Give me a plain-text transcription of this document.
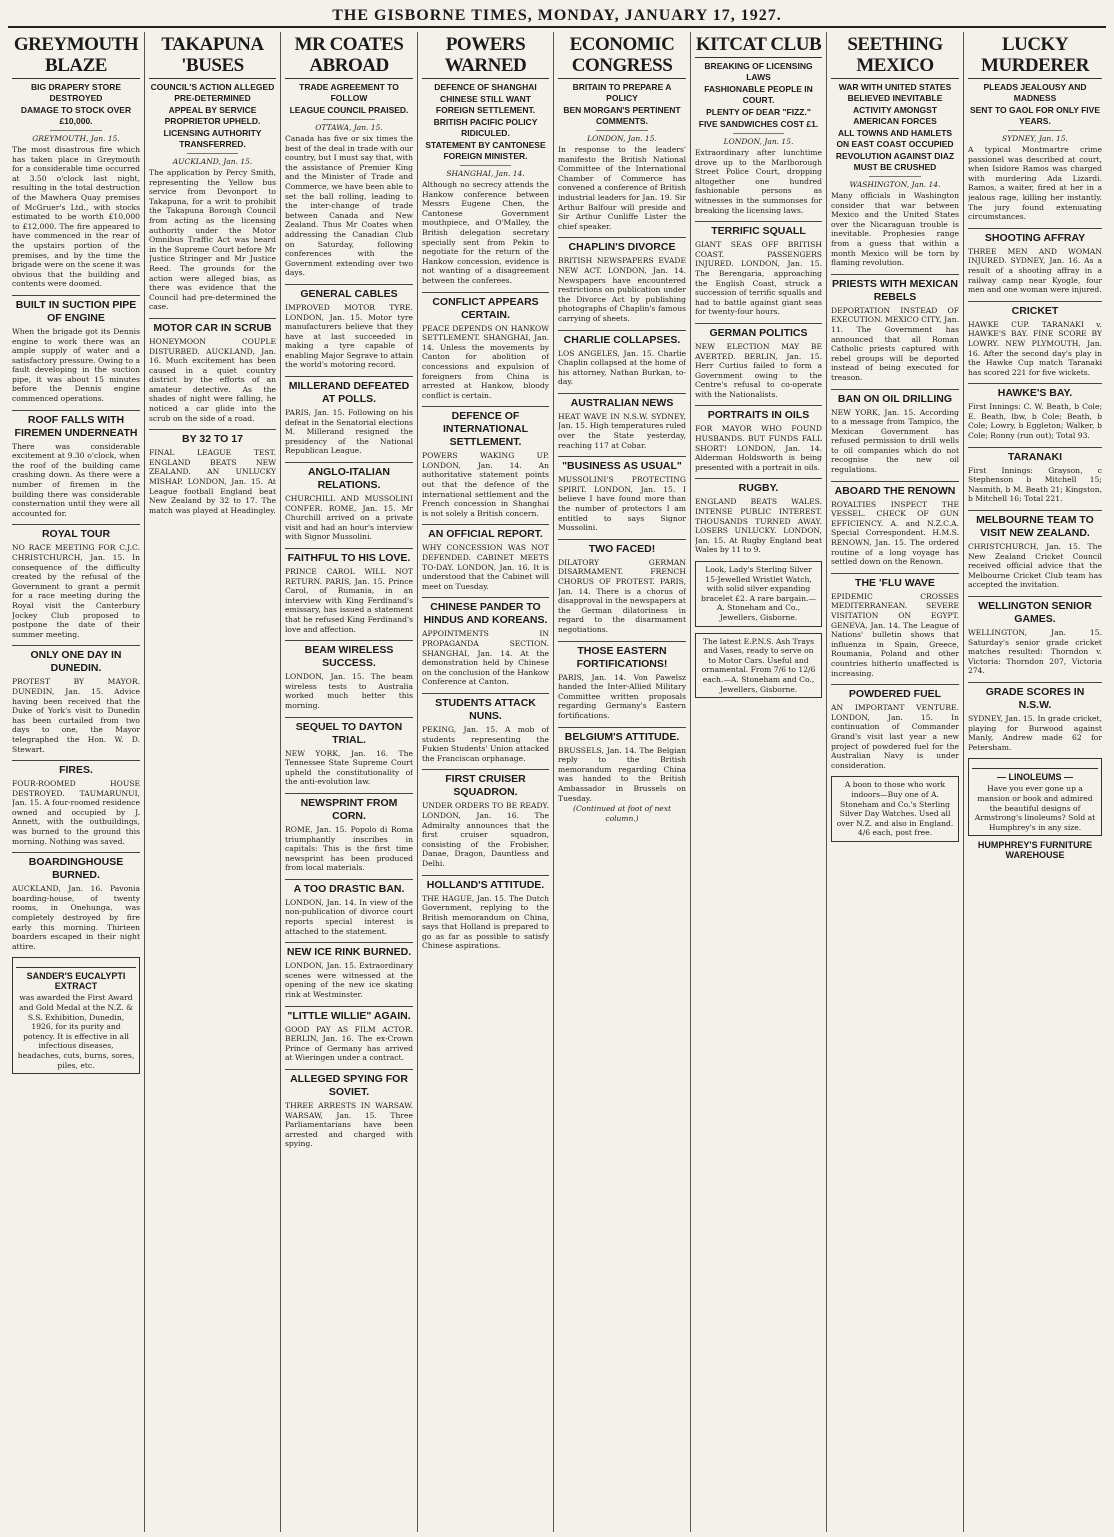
THE GISBORNE TIMES, MONDAY, JANUARY 17, 1927.
GREYMOUTH BLAZE
BIG DRAPERY STORE DESTROYED
DAMAGE TO STOCK OVER £10,000.
GREYMOUTH, Jan. 15.
The most disastrous fire which has taken place in Greymouth for a considerable time occurred at 3.50 o'clock last night, resulting in the total destruction of the Mawhera Quay premises of McGruer's Ltd., with stocks estimated to be worth £10,000 to £12,000. The fire appeared to have commenced in the rear of the upstairs portion of the premises, and by the time the brigade were on the scene it was obvious that the building and contents were doomed.
BUILT IN SUCTION PIPE OF ENGINE
When the brigade got its Dennis engine to work there was an ample supply of water and a satisfactory pressure. Owing to a fault developing in the suction pipe, it was about 15 minutes before the Dennis engine commenced operations.
ROOF FALLS WITH FIREMEN UNDERNEATH
There was considerable excitement at 9.30 o'clock, when the roof of the building came crashing down. As there were a number of firemen in the building there was considerable consternation until they were all accounted for.
ROYAL TOUR
NO RACE MEETING FOR C.J.C. CHRISTCHURCH, Jan. 15. In consequence of the difficulty created by the refusal of the Government to grant a permit for a race meeting during the Royal visit the Canterbury Jockey Club proposed to postpone the date of their summer meeting.
ONLY ONE DAY IN DUNEDIN.
PROTEST BY MAYOR. DUNEDIN, Jan. 15. Advice having been received that the Duke of York's visit to Dunedin has been curtailed from two days to one, the Mayor telegraphed the Hon. W. D. Stewart.
FIRES.
FOUR-ROOMED HOUSE DESTROYED. TAUMARUNUI, Jan. 15. A four-roomed residence owned and occupied by J. Annett, with the outbuildings, was burned to the ground this morning. Nothing was saved.
BOARDINGHOUSE BURNED.
AUCKLAND, Jan. 16. Pavonia boarding-house, of twenty rooms, in Onehunga, was completely destroyed by fire early this morning. Thirteen boarders escaped in their night attire.
SANDER'S EUCALYPTI EXTRACT
was awarded the First Award and Gold Medal at the N.Z. & S.S. Exhibition, Dunedin, 1926, for its purity and potency. It is effective in all infectious diseases, headaches, cuts, burns, sores, piles, etc.
TAKAPUNA 'BUSES
COUNCIL'S ACTION ALLEGED PRE-DETERMINED
APPEAL BY SERVICE PROPRIETOR UPHELD.
LICENSING AUTHORITY TRANSFERRED.
AUCKLAND, Jan. 15.
The application by Percy Smith, representing the Yellow bus service from Devonport to Takapuna, for a writ to prohibit the Takapuna Borough Council from acting as the licensing authority under the Motor Omnibus Traffic Act was heard in the Supreme Court before Mr Justice Stringer and Mr Justice Reed. The grounds for the action were alleged bias, as there was evidence that the Council had pre-determined the case.
MOTOR CAR IN SCRUB
HONEYMOON COUPLE DISTURBED. AUCKLAND, Jan. 16. Much excitement has been caused in a quiet country district by the efforts of an amateur detective. As the shades of night were falling, he noticed a car glide into the scrub on the side of a road.
BY 32 TO 17
FINAL LEAGUE TEST. ENGLAND BEATS NEW ZEALAND. AN UNLUCKY MISHAP. LONDON, Jan. 15. At League football England beat New Zealand by 32 to 17. The match was played at Headingley.
MR COATES ABROAD
TRADE AGREEMENT TO FOLLOW
LEAGUE COUNCIL PRAISED.
OTTAWA, Jan. 15.
Canada has five or six times the best of the deal in trade with our country, but I must say that, with the assistance of Premier King and the Minister of Trade and Commerce, we have been able to set the ball rolling, leading to the inter-change of trade between Canada and New Zealand. Thus Mr Coates when addressing the Canadian Club on Saturday, following conferences with the Government extending over two days.
GENERAL CABLES
IMPROVED MOTOR TYRE. LONDON, Jan. 15. Motor tyre manufacturers believe that they have at last succeeded in making a tyre capable of enabling Major Segrave to attain the world's motoring record.
MILLERAND DEFEATED AT POLLS.
PARIS, Jan. 15. Following on his defeat in the Senatorial elections M. Millerand resigned the presidency of the National Republican League.
ANGLO-ITALIAN RELATIONS.
CHURCHILL AND MUSSOLINI CONFER. ROME, Jan. 15. Mr Churchill arrived on a private visit and had an hour's interview with Signor Mussolini.
FAITHFUL TO HIS LOVE.
PRINCE CAROL WILL NOT RETURN. PARIS, Jan. 15. Prince Carol, of Rumania, in an interview with King Ferdinand's emissary, has issued a statement that he refused King Ferdinand's love and affection.
BEAM WIRELESS SUCCESS.
LONDON, Jan. 15. The beam wireless tests to Australia worked much better this morning.
SEQUEL TO DAYTON TRIAL.
NEW YORK, Jan. 16. The Tennessee State Supreme Court upheld the constitutionality of the anti-evolution law.
NEWSPRINT FROM CORN.
ROME, Jan. 15. Popolo di Roma triumphantly inscribes in capitals: This is the first time newsprint has been produced from local materials.
A TOO DRASTIC BAN.
LONDON, Jan. 14. In view of the non-publication of divorce court reports special interest is attached to the statement.
NEW ICE RINK BURNED.
LONDON, Jan. 15. Extraordinary scenes were witnessed at the opening of the new ice skating rink at Westminster.
"LITTLE WILLIE" AGAIN.
GOOD PAY AS FILM ACTOR. BERLIN, Jan. 16. The ex-Crown Prince of Germany has arrived at Wieringen under a contract.
ALLEGED SPYING FOR SOVIET.
THREE ARRESTS IN WARSAW. WARSAW, Jan. 15. Three Parliamentarians have been arrested and charged with spying.
POWERS WARNED
DEFENCE OF SHANGHAI
CHINESE STILL WANT FOREIGN SETTLEMENT.
BRITISH PACIFIC POLICY RIDICULED.
STATEMENT BY CANTONESE FOREIGN MINISTER.
SHANGHAI, Jan. 14.
Although no secrecy attends the Hankow conference between Messrs Eugene Chen, the Cantonese Government mouthpiece, and O'Malley, the British delegation secretary specially sent from Pekin to negotiate for the return of the Hankow concession, evidence is not wanting of a disagreement between the conferees.
CONFLICT APPEARS CERTAIN.
PEACE DEPENDS ON HANKOW SETTLEMENT. SHANGHAI, Jan. 14. Unless the movements by Canton for abolition of concessions and expulsion of foreigners from China is arrested at Hankow, bloody conflict is certain.
DEFENCE OF INTERNATIONAL SETTLEMENT.
POWERS WAKING UP. LONDON, Jan. 14. An authoritative statement points out that the defence of the international settlement and the French concession in Shanghai is not solely a British concern.
AN OFFICIAL REPORT.
WHY CONCESSION WAS NOT DEFENDED. CABINET MEETS TO-DAY. LONDON, Jan. 16. It is understood that the Cabinet will meet on Tuesday.
CHINESE PANDER TO HINDUS AND KOREANS.
APPOINTMENTS IN PROPAGANDA SECTION. SHANGHAI, Jan. 14. At the demonstration held by Chinese on the conclusion of the Hankow Conference at Canton.
STUDENTS ATTACK NUNS.
PEKING, Jan. 15. A mob of students representing the Fukien Students' Union attacked the Franciscan orphanage.
FIRST CRUISER SQUADRON.
UNDER ORDERS TO BE READY. LONDON, Jan. 16. The Admiralty announces that the first cruiser squadron, consisting of the Frobisher, Danae, Dragon, Dauntless and Delhi.
HOLLAND'S ATTITUDE.
THE HAGUE, Jan. 15. The Dutch Government, replying to the British memorandum on China, says that Holland is prepared to go as far as possible to satisfy Chinese aspirations.
ECONOMIC CONGRESS
BRITAIN TO PREPARE A POLICY
BEN MORGAN'S PERTINENT COMMENTS.
LONDON, Jan. 15.
In response to the leaders' manifesto the British National Committee of the International Chamber of Commerce has convened a conference of British industrial leaders for Jan. 19. Sir Arthur Balfour will preside and Sir Arthur Cunliffe Lister the chief speaker.
CHAPLIN'S DIVORCE
BRITISH NEWSPAPERS EVADE NEW ACT. LONDON, Jan. 14. Newspapers have encountered restrictions on publication under the Divorce Act by publishing photographs of Chaplin's famous carrying of sheets.
CHARLIE COLLAPSES.
LOS ANGELES, Jan. 15. Charlie Chaplin collapsed at the home of his attorney, Nathan Burkan, to-day.
AUSTRALIAN NEWS
HEAT WAVE IN N.S.W. SYDNEY, Jan. 15. High temperatures ruled over the State yesterday, reaching 117 at Cobar.
"BUSINESS AS USUAL"
MUSSOLINI'S PROTECTING SPIRIT. LONDON, Jan. 15. I believe I have found more than the number of protectors I am entitled to says Signor Mussolini.
TWO FACED!
DILATORY GERMAN DISARMAMENT. FRENCH CHORUS OF PROTEST. PARIS, Jan. 14. There is a chorus of disapproval in the newspapers at the German dilatoriness in regard to the disarmament negotiations.
THOSE EASTERN FORTIFICATIONS!
PARIS, Jan. 14. Von Pawelsz handed the Inter-Allied Military Committee written proposals regarding Germany's Eastern fortifications.
BELGIUM'S ATTITUDE.
BRUSSELS, Jan. 14. The Belgian reply to the British memorandum regarding China was handed to the British Ambassador in Brussels on Tuesday.
(Continued at foot of next column.)
KITCAT CLUB
BREAKING OF LICENSING LAWS
FASHIONABLE PEOPLE IN COURT.
PLENTY OF DEAR "FIZZ."
FIVE SANDWICHES COST £1.
LONDON, Jan. 15.
Extraordinary after lunchtime drove up to the Marlborough Street Police Court, dropping altogether one hundred fashionable persons as witnesses in the summonses for breaking the licensing laws.
TERRIFIC SQUALL
GIANT SEAS OFF BRITISH COAST. PASSENGERS INJURED. LONDON, Jan. 15. The Berengaria, approaching the English Coast, struck a succession of terrific squalls and had to battle against giant seas for twenty-four hours.
GERMAN POLITICS
NEW ELECTION MAY BE AVERTED. BERLIN, Jan. 15. Herr Curtius failed to form a Government owing to the Centre's refusal to co-operate with the Nationalists.
PORTRAITS IN OILS
FOR MAYOR WHO FOUND HUSBANDS. BUT FUNDS FALL SHORT! LONDON, Jan. 14. Alderman Holdsworth is being presented with a portrait in oils.
RUGBY.
ENGLAND BEATS WALES. INTENSE PUBLIC INTEREST. THOUSANDS TURNED AWAY. LOSERS UNLUCKY. LONDON, Jan. 15. At Rugby England beat Wales by 11 to 9.
Look, Lady's Sterling Silver 15-Jewelled Wristlet Watch, with solid silver expanding bracelet £2. A rare bargain.—A. Stoneham and Co., Jewellers, Gisborne.
The latest E.P.N.S. Ash Trays and Vases, ready to serve on to Motor Cars. Useful and ornamental. From 7/6 to 12/6 each.—A. Stoneham and Co., Jewellers, Gisborne.
SEETHING MEXICO
WAR WITH UNITED STATES BELIEVED INEVITABLE
ACTIVITY AMONGST AMERICAN FORCES
ALL TOWNS AND HAMLETS ON EAST COAST OCCUPIED
REVOLUTION AGAINST DIAZ MUST BE CRUSHED
WASHINGTON, Jan. 14.
Many officials in Washington consider that war between Mexico and the United States over the Nicaraguan trouble is inevitable. Prophesies range from a guess that within a month Mexico will be torn by flaming revolution.
PRIESTS WITH MEXICAN REBELS
DEPORTATION INSTEAD OF EXECUTION. MEXICO CITY, Jan. 11. The Government has announced that all Roman Catholic priests captured with rebel groups will be deported instead of being executed for treason.
BAN ON OIL DRILLING
NEW YORK, Jan. 15. According to a message from Tampico, the Mexican Government has refused permission to drill wells to oil companies which do not recognise the new oil regulations.
ABOARD THE RENOWN
ROYALTIES INSPECT THE VESSEL. CHECK OF GUN EFFICIENCY. A. and N.Z.C.A. Special Correspondent. H.M.S. RENOWN, Jan. 15. The ordered routine of a long voyage has settled down on the Renown.
THE 'FLU WAVE
EPIDEMIC CROSSES MEDITERRANEAN. SEVERE VISITATION ON EGYPT. GENEVA, Jan. 14. The League of Nations' bulletin shows that influenza in Spain, Greece, Roumania, Poland and other countries hitherto unaffected is increasing.
POWDERED FUEL
AN IMPORTANT VENTURE. LONDON, Jan. 15. In continuation of Commander Grand's visit last year a new project of powdered fuel for the Australian Navy is under consideration.
A boon to those who work indoors—Buy one of A. Stoneham and Co.'s Sterling Silver Day Watches. Used all over N.Z. and also in England. 4/6 each, post free.
LUCKY MURDERER
PLEADS JEALOUSY AND MADNESS
SENT TO GAOL FOR ONLY FIVE YEARS.
SYDNEY, Jan. 15.
A typical Montmartre crime passionel was described at court, when Isidore Ramos was charged with murdering Ada Lizardi. Ramos, a waiter, fired at her in a jealous rage, killing her instantly. The jury found extenuating circumstances.
SHOOTING AFFRAY
THREE MEN AND WOMAN INJURED. SYDNEY, Jan. 16. As a result of a shooting affray in a railway camp near Kyogle, four men and one woman were injured.
CRICKET
HAWKE CUP. TARANAKI v. HAWKE'S BAY. FINE SCORE BY LOWRY. NEW PLYMOUTH, Jan. 16. After the second day's play in the Hawke Cup match Taranaki has scored 221 for five wickets.
HAWKE'S BAY.
First Innings: C. W. Beath, b Cole; E. Beath, lbw, b Cole; Beath, b Cole; Lowry, b Eggleton; Walker, b Cole; Ronny (run out); Total 93.
TARANAKI
First Innings: Grayson, c Stephenson b Mitchell 15; Nasmith, b M. Beath 21; Kingston, b Mitchell 16; Total 221.
MELBOURNE TEAM TO VISIT NEW ZEALAND.
CHRISTCHURCH, Jan. 15. The New Zealand Cricket Council received official advice that the Melbourne Cricket Club team has accepted the invitation.
WELLINGTON SENIOR GAMES.
WELLINGTON, Jan. 15. Saturday's senior grade cricket matches resulted: Thorndon v. Victoria: Thorndon 207, Victoria 274.
GRADE SCORES IN N.S.W.
SYDNEY, Jan. 15. In grade cricket, playing for Burwood against Manly, Andrew made 62 for Petersham.
— LINOLEUMS —
Have you ever gone up a mansion or book and admired the beautiful designs of Armstrong's linoleums? Sold at Humphrey's in any size.
HUMPHREY'S FURNITURE WAREHOUSE
